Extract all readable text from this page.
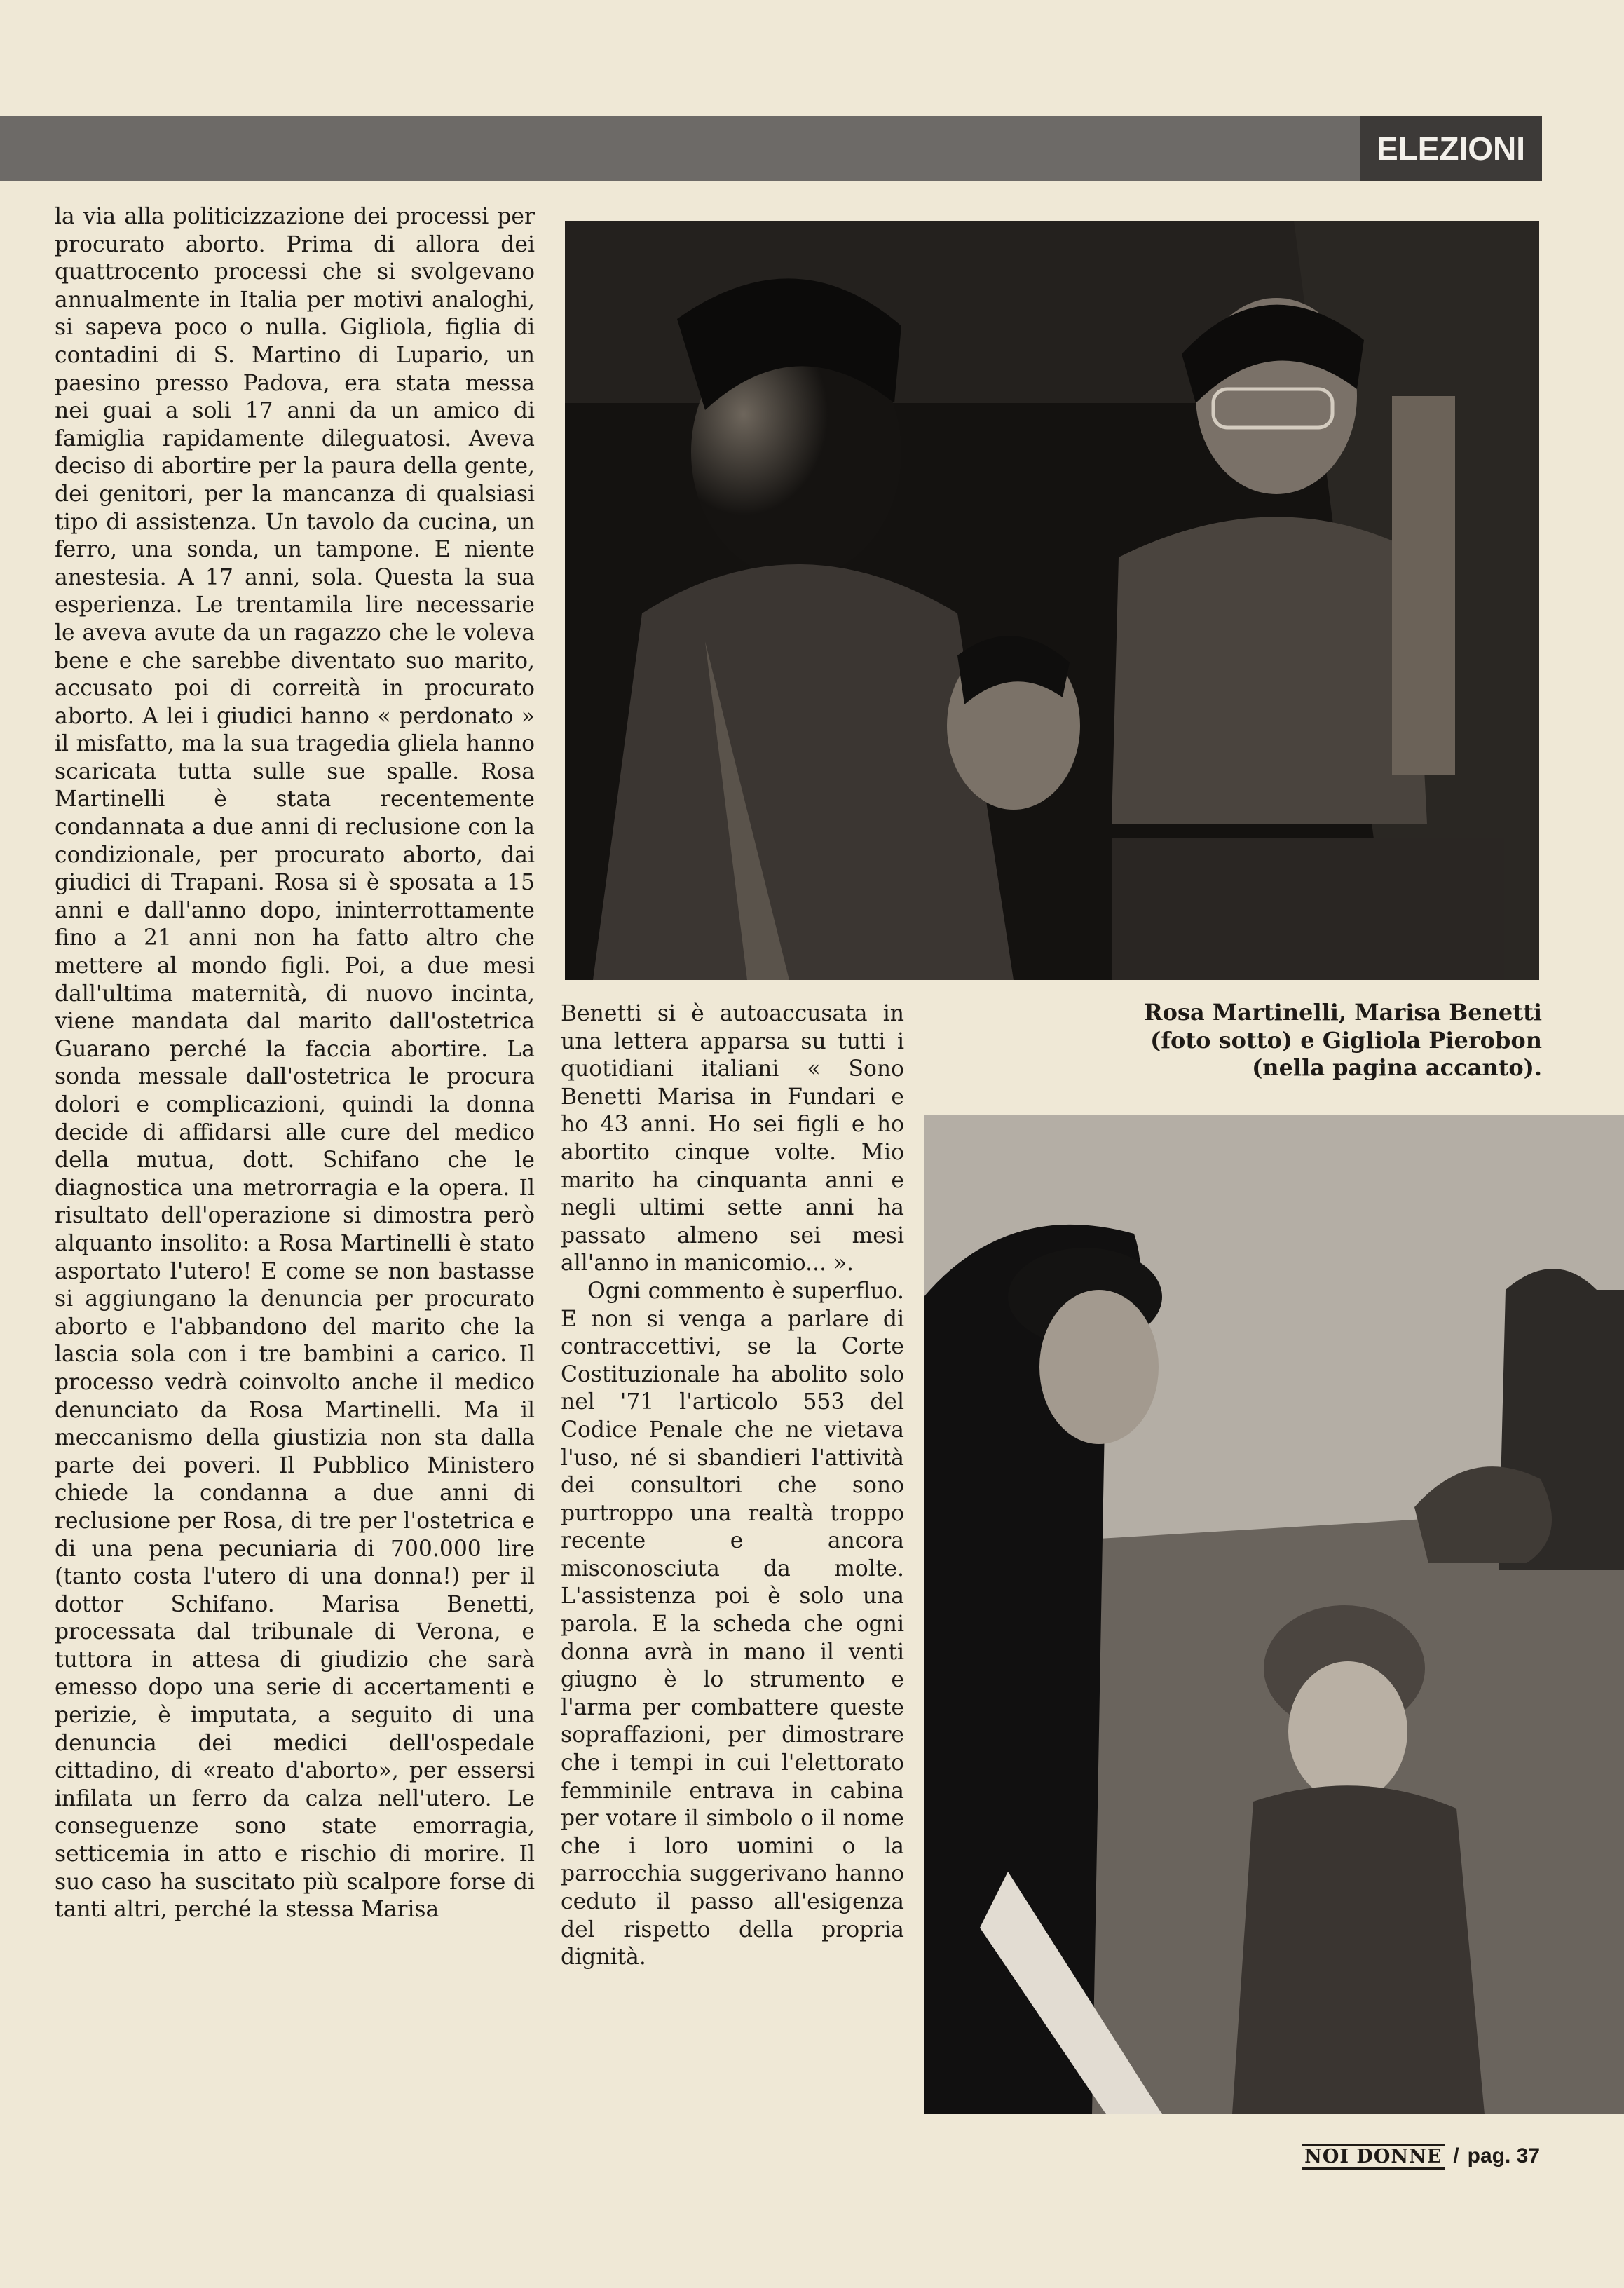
ELEZIONI

la via alla politicizzazione dei processi per procurato aborto. Prima di allora dei quattrocento processi che si svolgevano annualmente in Italia per motivi analoghi, si sapeva poco o nulla. Gigliola, figlia di contadini di S. Martino di Lupario, un paesino presso Padova, era stata messa nei guai a soli 17 anni da un amico di famiglia rapidamente dileguatosi. Aveva deciso di abortire per la paura della gente, dei genitori, per la mancanza di qualsiasi tipo di assistenza. Un tavolo da cucina, un ferro, una sonda, un tampone. E niente anestesia. A 17 anni, sola. Questa la sua esperienza. Le trentamila lire necessarie le aveva avute da un ragazzo che le voleva bene e che sarebbe diventato suo marito, accusato poi di correità in procurato aborto. A lei i giudici hanno « perdonato » il misfatto, ma la sua tragedia gliela hanno scaricata tutta sulle sue spalle. Rosa Martinelli è stata recentemente condannata a due anni di reclusione con la condizionale, per procurato aborto, dai giudici di Trapani. Rosa si è sposata a 15 anni e dall'anno dopo, ininterrottamente fino a 21 anni non ha fatto altro che mettere al mondo figli. Poi, a due mesi dall'ultima maternità, di nuovo incinta, viene mandata dal marito dall'ostetrica Guarano perché la faccia abortire. La sonda messale dall'ostetrica le procura dolori e complicazioni, quindi la donna decide di affidarsi alle cure del medico della mutua, dott. Schifano che le diagnostica una metrorragia e la opera. Il risultato dell'operazione si dimostra però alquanto insolito: a Rosa Martinelli è stato asportato l'utero! E come se non bastasse si aggiungano la denuncia per procurato aborto e l'abbandono del marito che la lascia sola con i tre bambini a carico. Il processo vedrà coinvolto anche il medico denunciato da Rosa Martinelli. Ma il meccanismo della giustizia non sta dalla parte dei poveri. Il Pubblico Ministero chiede la condanna a due anni di reclusione per Rosa, di tre per l'ostetrica e di una pena pecuniaria di 700.000 lire (tanto costa l'utero di una donna!) per il dottor Schifano. Marisa Benetti, processata dal tribunale di Verona, e tuttora in attesa di giudizio che sarà emesso dopo una serie di accertamenti e perizie, è imputata, a seguito di una denuncia dei medici dell'ospedale cittadino, di «reato d'aborto», per essersi infilata un ferro da calza nell'utero. Le conseguenze sono state emorragia, setticemia in atto e rischio di morire. Il suo caso ha suscitato più scalpore forse di tanti altri, perché la stessa Marisa

Benetti si è autoaccusata in una lettera apparsa su tutti i quotidiani italiani « Sono Benetti Marisa in Fundari e ho 43 anni. Ho sei figli e ho abortito cinque volte. Mio marito ha cinquanta anni e negli ultimi sette anni ha passato almeno sei mesi all'anno in manicomio... ».

Ogni commento è superfluo. E non si venga a parlare di contraccettivi, se la Corte Costituzionale ha abolito solo nel '71 l'articolo 553 del Codice Penale che ne vietava l'uso, né si sbandieri l'attività dei consultori che sono purtroppo una realtà troppo recente e ancora misconosciuta da molte. L'assistenza poi è solo una parola. E la scheda che ogni donna avrà in mano il venti giugno è lo strumento e l'arma per combattere queste sopraffazioni, per dimostrare che i tempi in cui l'elettorato femminile entrava in cabina per votare il simbolo o il nome che i loro uomini o la parrocchia suggerivano hanno ceduto il passo all'esigenza del rispetto della propria dignità.

Rosa Martinelli, Marisa Benetti
(foto sotto) e Gigliola Pierobon
(nella pagina accanto).
NOI DONNE / pag. 37
